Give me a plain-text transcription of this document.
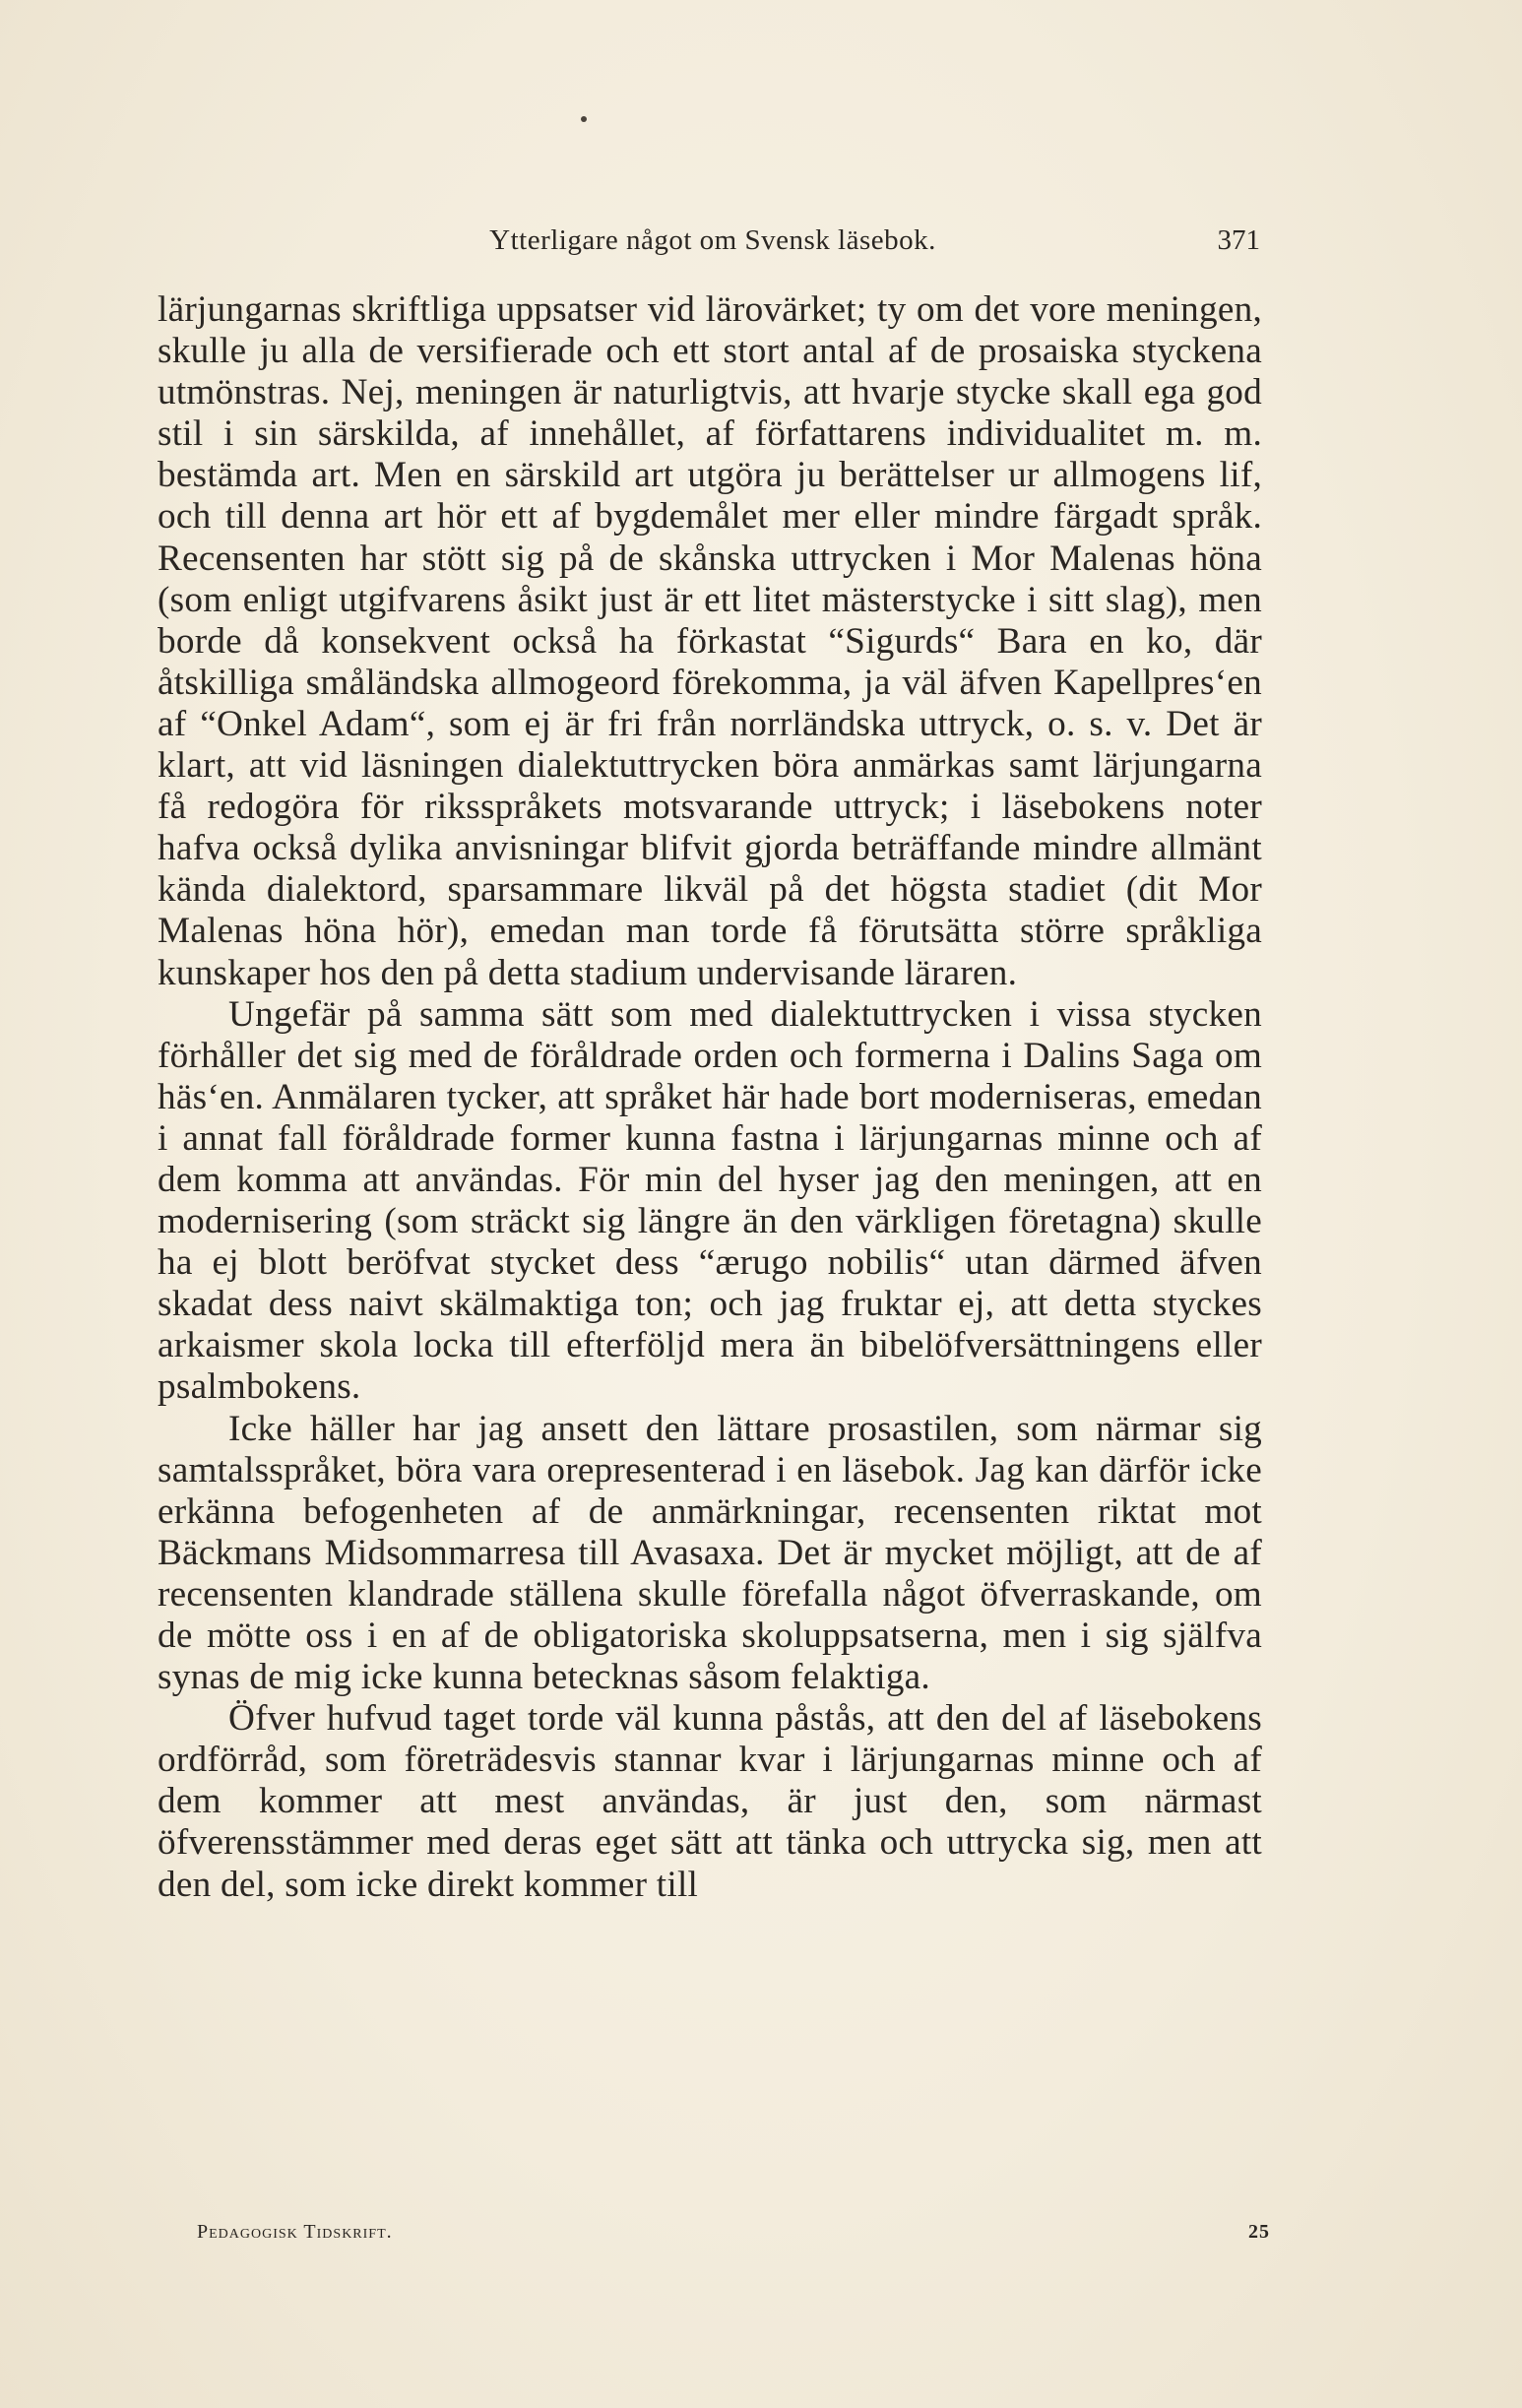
Ytterligare något om Svensk läsebok.	371

lärjungarnas skriftliga uppsatser vid lärovärket; ty om det vore meningen, skulle ju alla de versifierade och ett stort antal af de prosaiska styckena utmönstras. Nej, meningen är naturligtvis, att hvarje stycke skall ega god stil i sin särskilda, af innehållet, af författarens individualitet m. m. bestämda art. Men en särskild art utgöra ju berättelser ur allmogens lif, och till denna art hör ett af bygdemålet mer eller mindre färgadt språk. Recensenten har stött sig på de skånska uttrycken i Mor Malenas höna (som enligt utgifvarens åsikt just är ett litet mästerstycke i sitt slag), men borde då konsekvent också ha förkastat “Sigurds“ Bara en ko, där åtskilliga småländska allmogeord förekomma, ja väl äfven Kapellpres‘en af “Onkel Adam“, som ej är fri från norrländska uttryck, o. s. v. Det är klart, att vid läsningen dialektuttrycken böra anmärkas samt lärjungarna få redogöra för riksspråkets motsvarande uttryck; i läsebokens noter hafva också dylika anvisningar blifvit gjorda beträffande mindre allmänt kända dialektord, sparsammare likväl på det högsta stadiet (dit Mor Malenas höna hör), emedan man torde få förutsätta större språkliga kunskaper hos den på detta stadium undervisande läraren.

Ungefär på samma sätt som med dialektuttrycken i vissa stycken förhåller det sig med de föråldrade orden och formerna i Dalins Saga om häs‘en. Anmälaren tycker, att språket här hade bort moderniseras, emedan i annat fall föråldrade former kunna fastna i lärjungarnas minne och af dem komma att användas. För min del hyser jag den meningen, att en modernisering (som sträckt sig längre än den värkligen företagna) skulle ha ej blott beröfvat stycket dess “ærugo nobilis“ utan därmed äfven skadat dess naivt skälmaktiga ton; och jag fruktar ej, att detta styckes arkaismer skola locka till efterföljd mera än bibelöfversättningens eller psalmbokens.

Icke häller har jag ansett den lättare prosastilen, som närmar sig samtalsspråket, böra vara orepresenterad i en läsebok. Jag kan därför icke erkänna befogenheten af de anmärkningar, recensenten riktat mot Bäckmans Midsommarresa till Avasaxa. Det är mycket möjligt, att de af recensenten klandrade ställena skulle förefalla något öfverraskande, om de mötte oss i en af de obligatoriska skoluppsatserna, men i sig själfva synas de mig icke kunna betecknas såsom felaktiga.

Öfver hufvud taget torde väl kunna påstås, att den del af läsebokens ordförråd, som företrädesvis stannar kvar i lärjungarnas minne och af dem kommer att mest användas, är just den, som närmast öfverensstämmer med deras eget sätt att tänka och uttrycka sig, men att den del, som icke direkt kommer till

Pedagogisk Tidskrift.	25
